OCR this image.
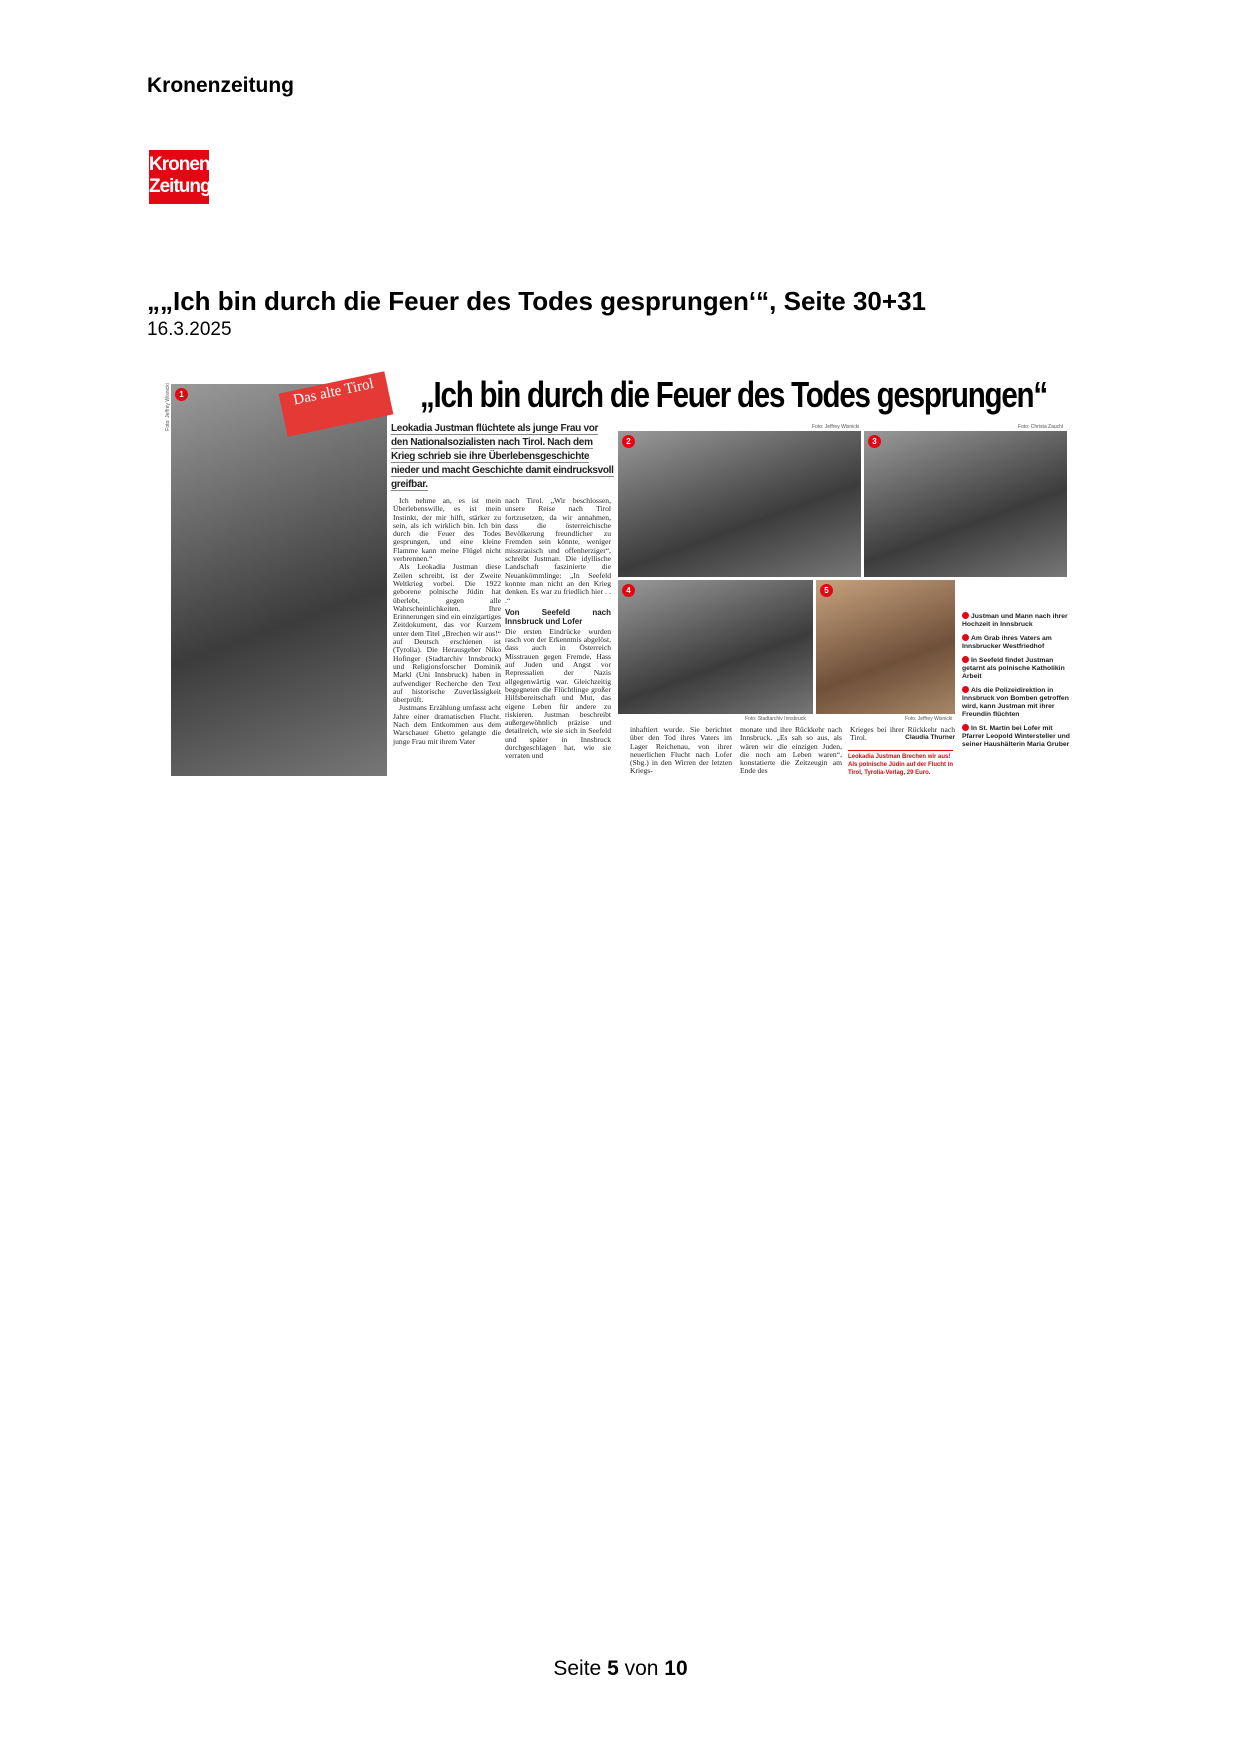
Kronenzeitung
Kronen
Zeitung
„„Ich bin durch die Feuer des Todes gesprungen‘“, Seite 30+31
16.3.2025
1
Foto: Jeffrey Wisnicki	Das alte Tirol	„Ich bin durch die Feuer des Todes gesprungen“
Leokadia Justman flüchtete als junge Frau vor den Nationalsozialisten nach Tirol. Nach dem Krieg schrieb sie ihre Überlebensgeschichte nieder und macht Geschichte damit eindrucksvoll greifbar.
2
Foto: Jeffrey Wisnicki
3
Foto: Christa Zauchl
4
Foto: Stadtarchiv Innsbruck
5
Foto: Jeffrey Wisnicki

Ich nehme an, es ist mein Überlebenswille, es ist mein Instinkt, der mir hilft, stärker zu sein, als ich wirklich bin. Ich bin durch die Feuer des Todes gesprungen, und eine kleine Flamme kann meine Flügel nicht verbrennen.“

Als Leokadia Justman diese Zeilen schreibt, ist der Zweite Weltkrieg vorbei. Die 1922 geborene polnische Jüdin hat überlebt, gegen alle Wahrscheinlichkeiten. Ihre Erinnerungen sind ein einzigartiges Zeitdokument, das vor Kurzem unter dem Titel „Brechen wir aus!“ auf Deutsch erschienen ist (Tyrolia). Die Herausgeber Niko Hofinger (Stadtarchiv Innsbruck) und Religionsforscher Dominik Markl (Uni Innsbruck) haben in aufwendiger Recherche den Text auf historische Zuverlässigkeit überprüft.

Justmans Erzählung umfasst acht Jahre einer dramatischen Flucht. Nach dem Entkommen aus dem Warschauer Ghetto gelangte die junge Frau mit ihrem Vater

nach Tirol. „Wir beschlossen, unsere Reise nach Tirol fortzusetzen, da wir annahmen, dass die österreichische Bevölkerung freundlicher zu Fremden sein könnte, weniger misstrauisch und offenherziger“, schreibt Justman. Die idyllische Landschaft faszinierte die Neuankömmlinge: „In Seefeld konnte man nicht an den Krieg denken. Es war zu friedlich hier . . .“
Von Seefeld nach Innsbruck und Lofer
Die ersten Eindrücke wurden rasch von der Erkenntnis abgelöst, dass auch in Österreich Misstrauen gegen Fremde, Hass auf Juden und Angst vor Repressalien der Nazis allgegenwärtig war. Gleichzeitig begegneten die Flüchtlinge großer Hilfsbereitschaft und Mut, das eigene Leben für andere zu riskieren. Justman beschreibt außergewöhnlich präzise und detailreich, wie sie sich in Seefeld und später in Innsbruck durchgeschlagen hat, wie sie verraten und
inhaftiert wurde. Sie berichtet über den Tod ihres Vaters im Lager Reichenau, von ihrer neuerlichen Flucht nach Lofer (Sbg.) in den Wirren der letzten Kriegs-
monate und ihre Rückkehr nach Innsbruck. „Es sah so aus, als wären wir die einzigen Juden, die noch am Leben waren“, konstatierte die Zeitzeugin am Ende des
Krieges bei ihrer Rückkehr nach Tirol.	Claudia Thurner
Leokadia Justman Brechen wir aus! Als polnische Jüdin auf der Flucht in Tirol, Tyrolia-Verlag, 29 Euro.
Justman und Mann nach ihrer Hochzeit in Innsbruck
Am Grab ihres Vaters am Innsbrucker Westfriedhof
In Seefeld findet Justman getarnt als polnische Katholikin Arbeit
Als die Polizeidirektion in Innsbruck von Bomben getroffen wird, kann Justman mit ihrer Freundin flüchten
In St. Martin bei Lofer mit Pfarrer Leopold Wintersteller und seiner Haushälterin Maria Gruber
Seite 5 von 10
